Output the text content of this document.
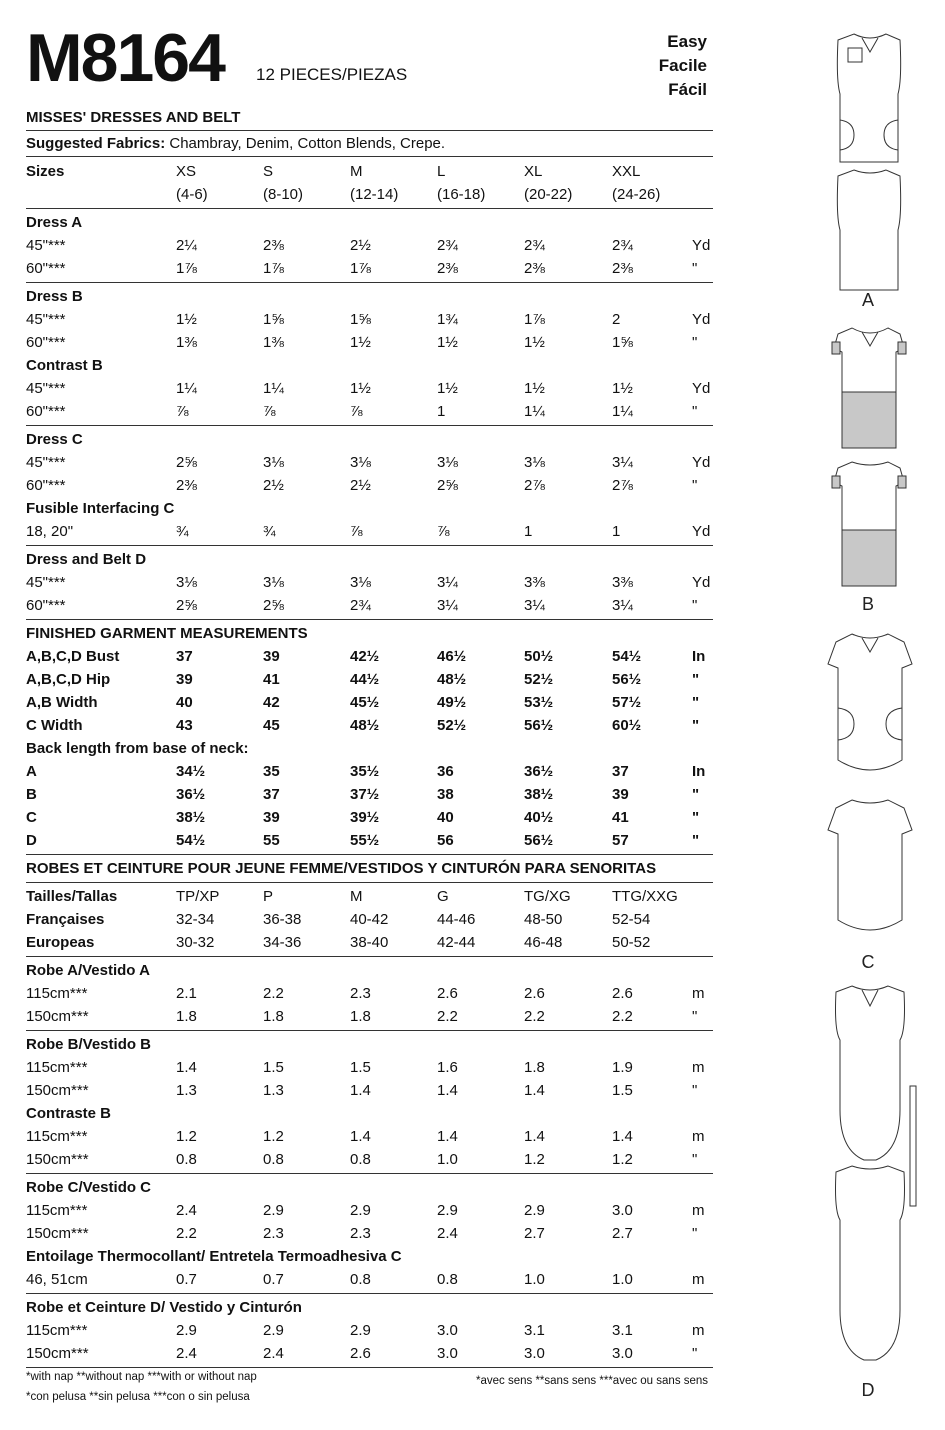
M8164 12 PIECES/PIEZAS
Easy
Facile
Fácil
MISSES' DRESSES AND BELT
Suggested Fabrics: Chambray, Denim, Cotton Blends, Crepe.
Sizes	XS	S	M	L	XL	XXL
(4-6)	(8-10)	(12-14)	(16-18)	(20-22)	(24-26)
Dress A
45"***	2¼	2⅜	2½	2¾	2¾	2¾	Yd
60"***	1⅞	1⅞	1⅞	2⅜	2⅜	2⅜	"
Dress B
45"***	1½	1⅝	1⅝	1¾	1⅞	2	Yd
60"***	1⅜	1⅜	1½	1½	1½	1⅝	"
Contrast B
45"***	1¼	1¼	1½	1½	1½	1½	Yd
60"***	⅞	⅞	⅞	1	1¼	1¼	"
Dress C
45"***	2⅝	3⅛	3⅛	3⅛	3⅛	3¼	Yd
60"***	2⅜	2½	2½	2⅝	2⅞	2⅞	"
Fusible Interfacing C
18, 20"	¾	¾	⅞	⅞	1	1	Yd
Dress and Belt D
45"***	3⅛	3⅛	3⅛	3¼	3⅜	3⅜	Yd
60"***	2⅝	2⅝	2¾	3¼	3¼	3¼	"
FINISHED GARMENT MEASUREMENTS
A,B,C,D Bust	37	39	42½	46½	50½	54½	In
A,B,C,D Hip	39	41	44½	48½	52½	56½	"
A,B Width	40	42	45½	49½	53½	57½	"
C Width	43	45	48½	52½	56½	60½	"
Back length from base of neck:
A	34½	35	35½	36	36½	37	In
B	36½	37	37½	38	38½	39	"
C	38½	39	39½	40	40½	41	"
D	54½	55	55½	56	56½	57	"
ROBES ET CEINTURE POUR JEUNE FEMME/VESTIDOS Y CINTURÓN PARA SENORITAS
Tailles/Tallas	TP/XP	P	M	G	TG/XG	TTG/XXG
Françaises	32-34	36-38	40-42	44-46	48-50	52-54
Europeas	30-32	34-36	38-40	42-44	46-48	50-52
Robe A/Vestido A
115cm***	2.1	2.2	2.3	2.6	2.6	2.6	m
150cm***	1.8	1.8	1.8	2.2	2.2	2.2	"
Robe B/Vestido B
115cm***	1.4	1.5	1.5	1.6	1.8	1.9	m
150cm***	1.3	1.3	1.4	1.4	1.4	1.5	"
Contraste B
115cm***	1.2	1.2	1.4	1.4	1.4	1.4	m
150cm***	0.8	0.8	0.8	1.0	1.2	1.2	"
Robe C/Vestido C
115cm***	2.4	2.9	2.9	2.9	2.9	3.0	m
150cm***	2.2	2.3	2.3	2.4	2.7	2.7	"
Entoilage Thermocollant/ Entretela Termoadhesiva C
46, 51cm	0.7	0.7	0.8	0.8	1.0	1.0	m
Robe et Ceinture D/ Vestido y Cinturón
115cm***	2.9	2.9	2.9	3.0	3.1	3.1	m
150cm***	2.4	2.4	2.6	3.0	3.0	3.0	"
*with nap **without nap ***with or without nap
*con pelusa **sin pelusa ***con o sin pelusa
*avec sens **sans sens ***avec ou sans sens
A
B
C
D
